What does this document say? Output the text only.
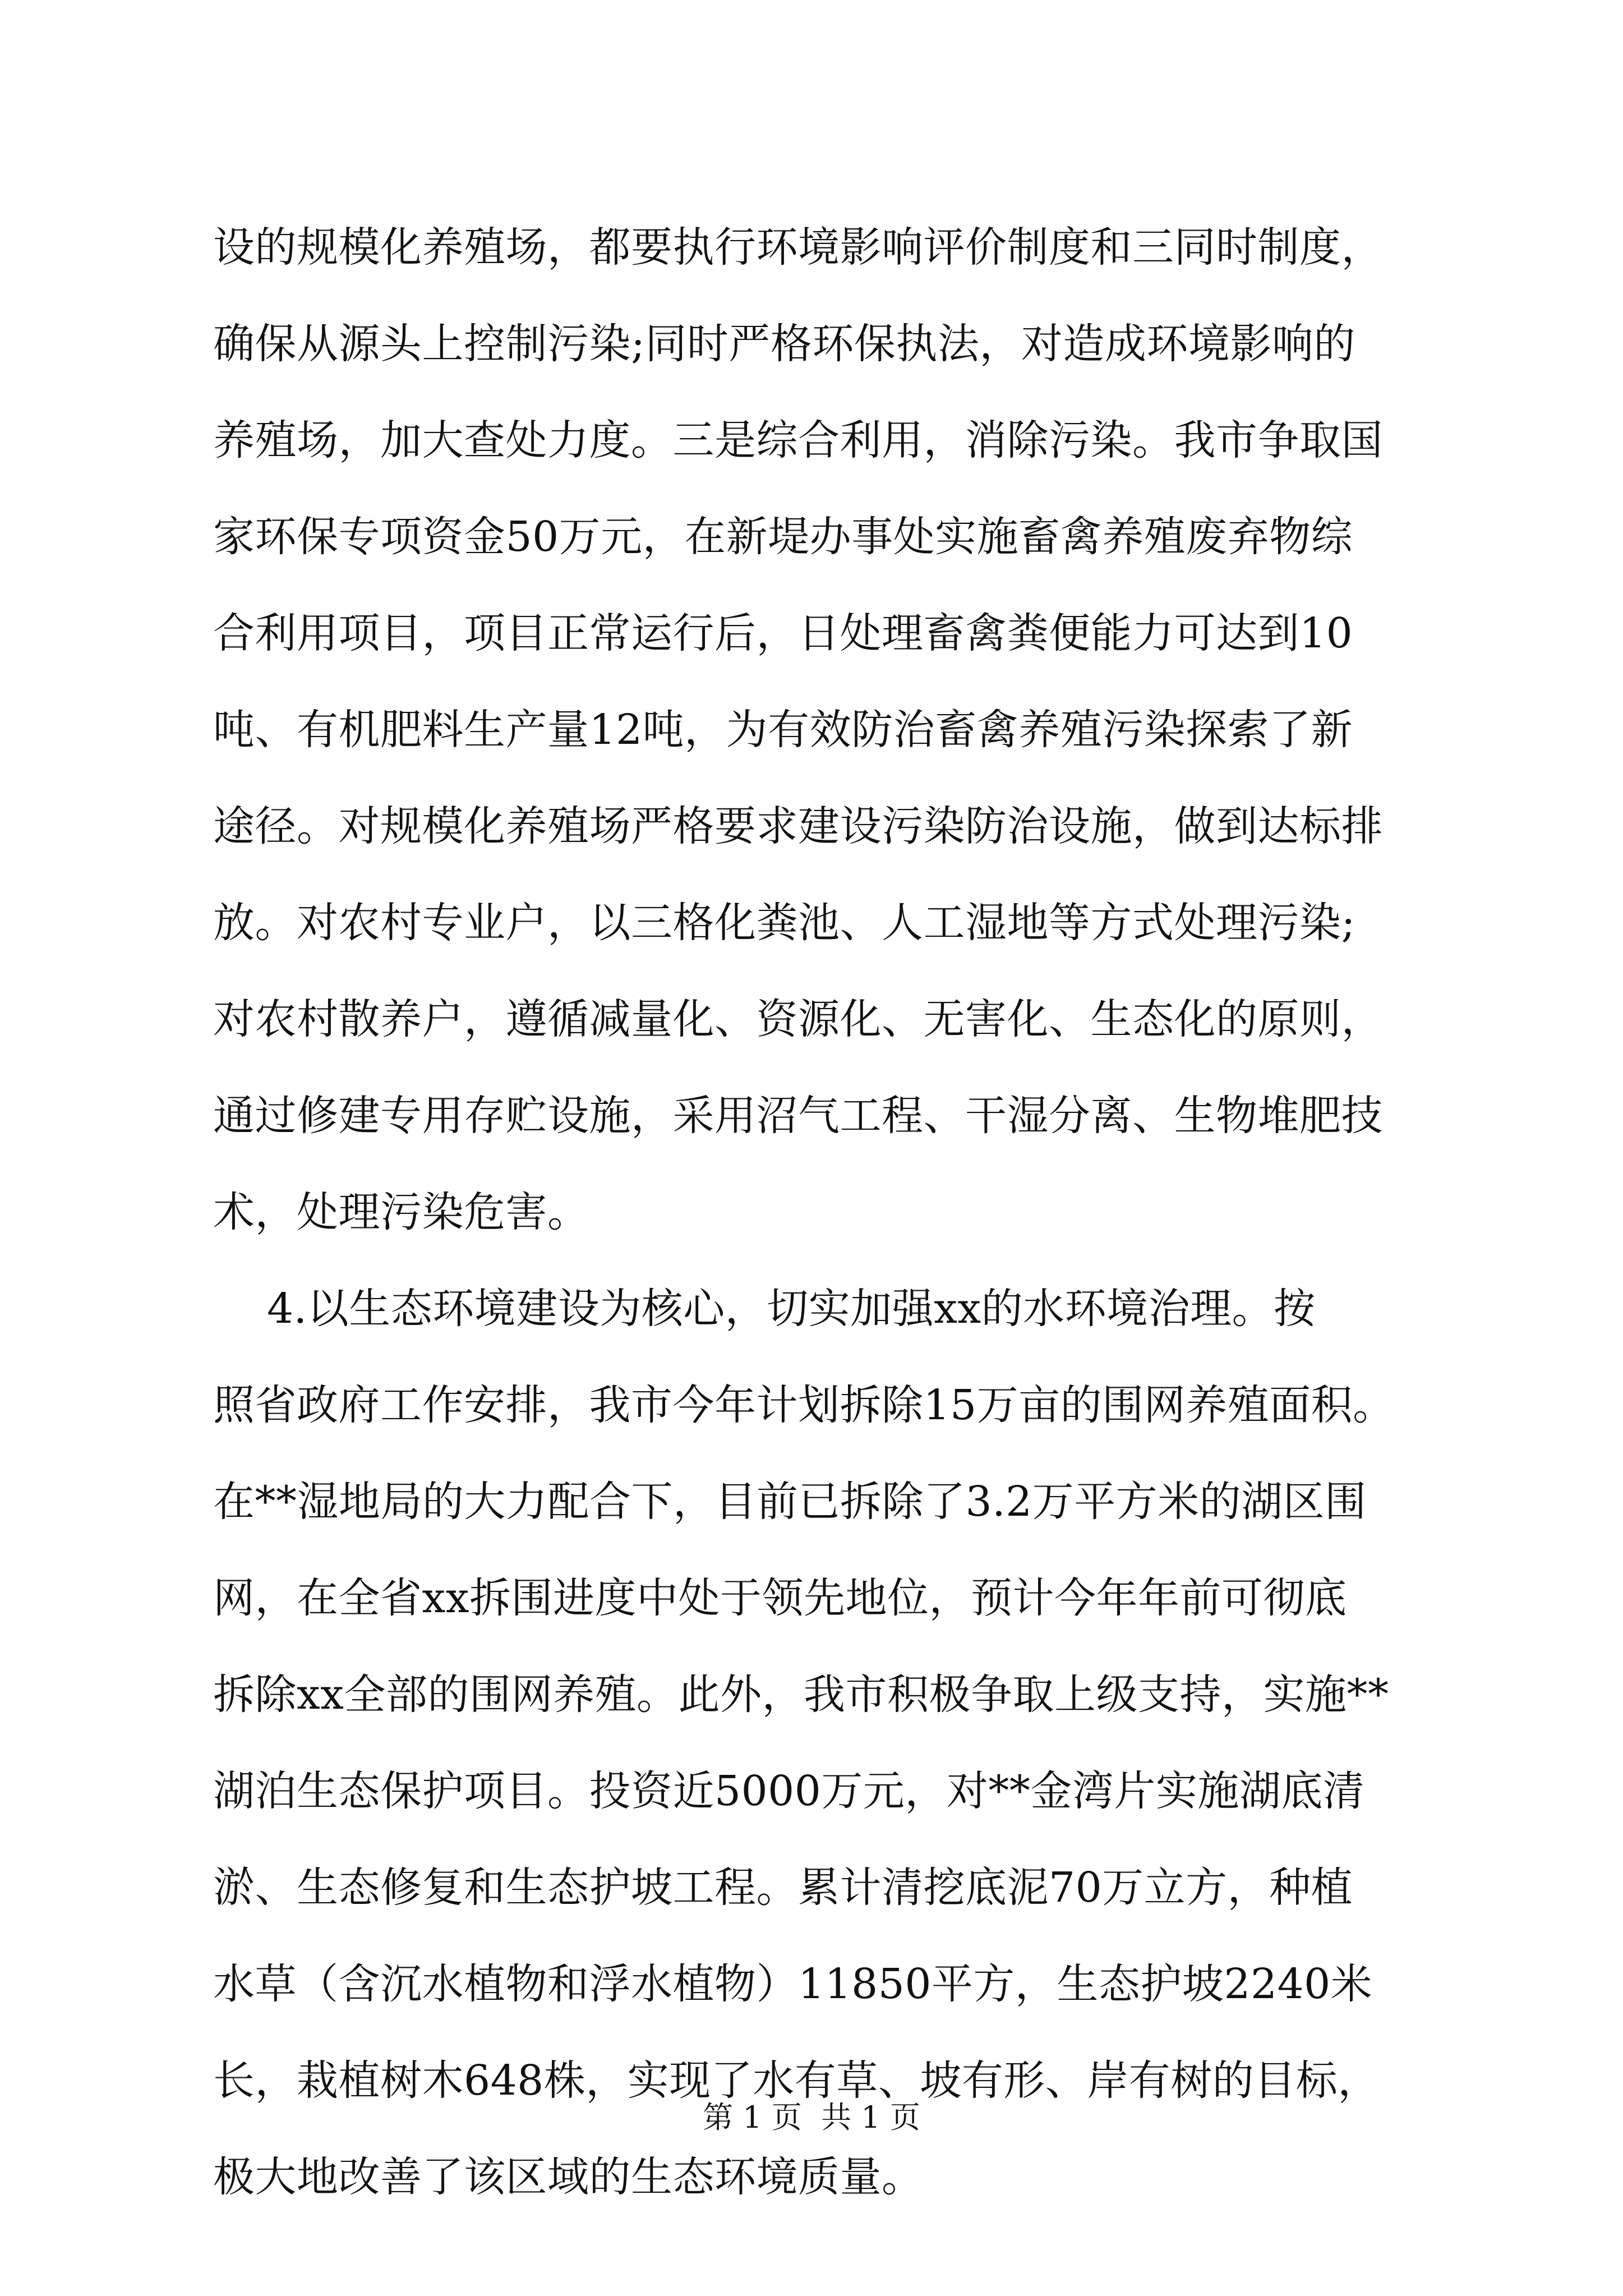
设的规模化养殖场，都要执行环境影响评价制度和三同时制度，
确保从源头上控制污染;同时严格环保执法，对造成环境影响的
养殖场，加大查处力度。三是综合利用，消除污染。我市争取国
家环保专项资金50万元，在新堤办事处实施畜禽养殖废弃物综
合利用项目，项目正常运行后，日处理畜禽粪便能力可达到10
吨、有机肥料生产量12吨，为有效防治畜禽养殖污染探索了新
途径。对规模化养殖场严格要求建设污染防治设施，做到达标排
放。对农村专业户，以三格化粪池、人工湿地等方式处理污染;
对农村散养户，遵循减量化、资源化、无害化、生态化的原则，
通过修建专用存贮设施，采用沼气工程、干湿分离、生物堆肥技
术，处理污染危害。
4.以生态环境建设为核心，切实加强xx的水环境治理。按
照省政府工作安排，我市今年计划拆除15万亩的围网养殖面积。
在**湿地局的大力配合下，目前已拆除了3.2万平方米的湖区围
网，在全省xx拆围进度中处于领先地位，预计今年年前可彻底
拆除xx全部的围网养殖。此外，我市积极争取上级支持，实施**
湖泊生态保护项目。投资近5000万元，对**金湾片实施湖底清
淤、生态修复和生态护坡工程。累计清挖底泥70万立方，种植
水草（含沉水植物和浮水植物）11850平方，生态护坡2240米
长，栽植树木648株，实现了水有草、坡有形、岸有树的目标，
极大地改善了该区域的生态环境质量。
第 1 页  共 1 页
